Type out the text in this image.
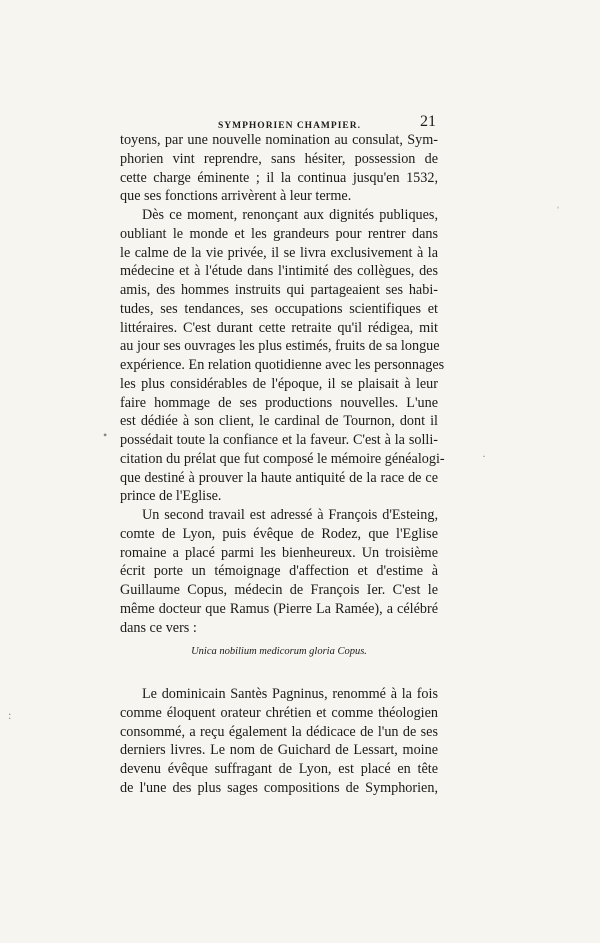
SYMPHORIEN CHAMPIER.	21
toyens, par une nouvelle nomination au consulat, Sym-
phorien vint reprendre, sans hésiter, possession de
cette charge éminente ; il la continua jusqu'en 1532,
que ses fonctions arrivèrent à leur terme.
Dès ce moment, renonçant aux dignités publiques,
oubliant le monde et les grandeurs pour rentrer dans
le calme de la vie privée, il se livra exclusivement à la
médecine et à l'étude dans l'intimité des collègues, des
amis, des hommes instruits qui partageaient ses habi-
tudes, ses tendances, ses occupations scientifiques et
littéraires. C'est durant cette retraite qu'il rédigea, mit
au jour ses ouvrages les plus estimés, fruits de sa longue
expérience. En relation quotidienne avec les personnages
les plus considérables de l'époque, il se plaisait à leur
faire hommage de ses productions nouvelles. L'une
est dédiée à son client, le cardinal de Tournon, dont il
possédait toute la confiance et la faveur. C'est à la solli-
citation du prélat que fut composé le mémoire généalogi-
que destiné à prouver la haute antiquité de la race de ce
prince de l'Eglise.
Un second travail est adressé à François d'Esteing,
comte de Lyon, puis évêque de Rodez, que l'Eglise
romaine a placé parmi les bienheureux. Un troisième
écrit porte un témoignage d'affection et d'estime à
Guillaume Copus, médecin de François Ier. C'est le
même docteur que Ramus (Pierre La Ramée), a célébré
dans ce vers :
Unica nobilium medicorum gloria Copus.
Le dominicain Santès Pagninus, renommé à la fois
comme éloquent orateur chrétien et comme théologien
consommé, a reçu également la dédicace de l'un de ses
derniers livres. Le nom de Guichard de Lessart, moine
devenu évêque suffragant de Lyon, est placé en tête
de l'une des plus sages compositions de Symphorien,
•
·
ˈ
:
